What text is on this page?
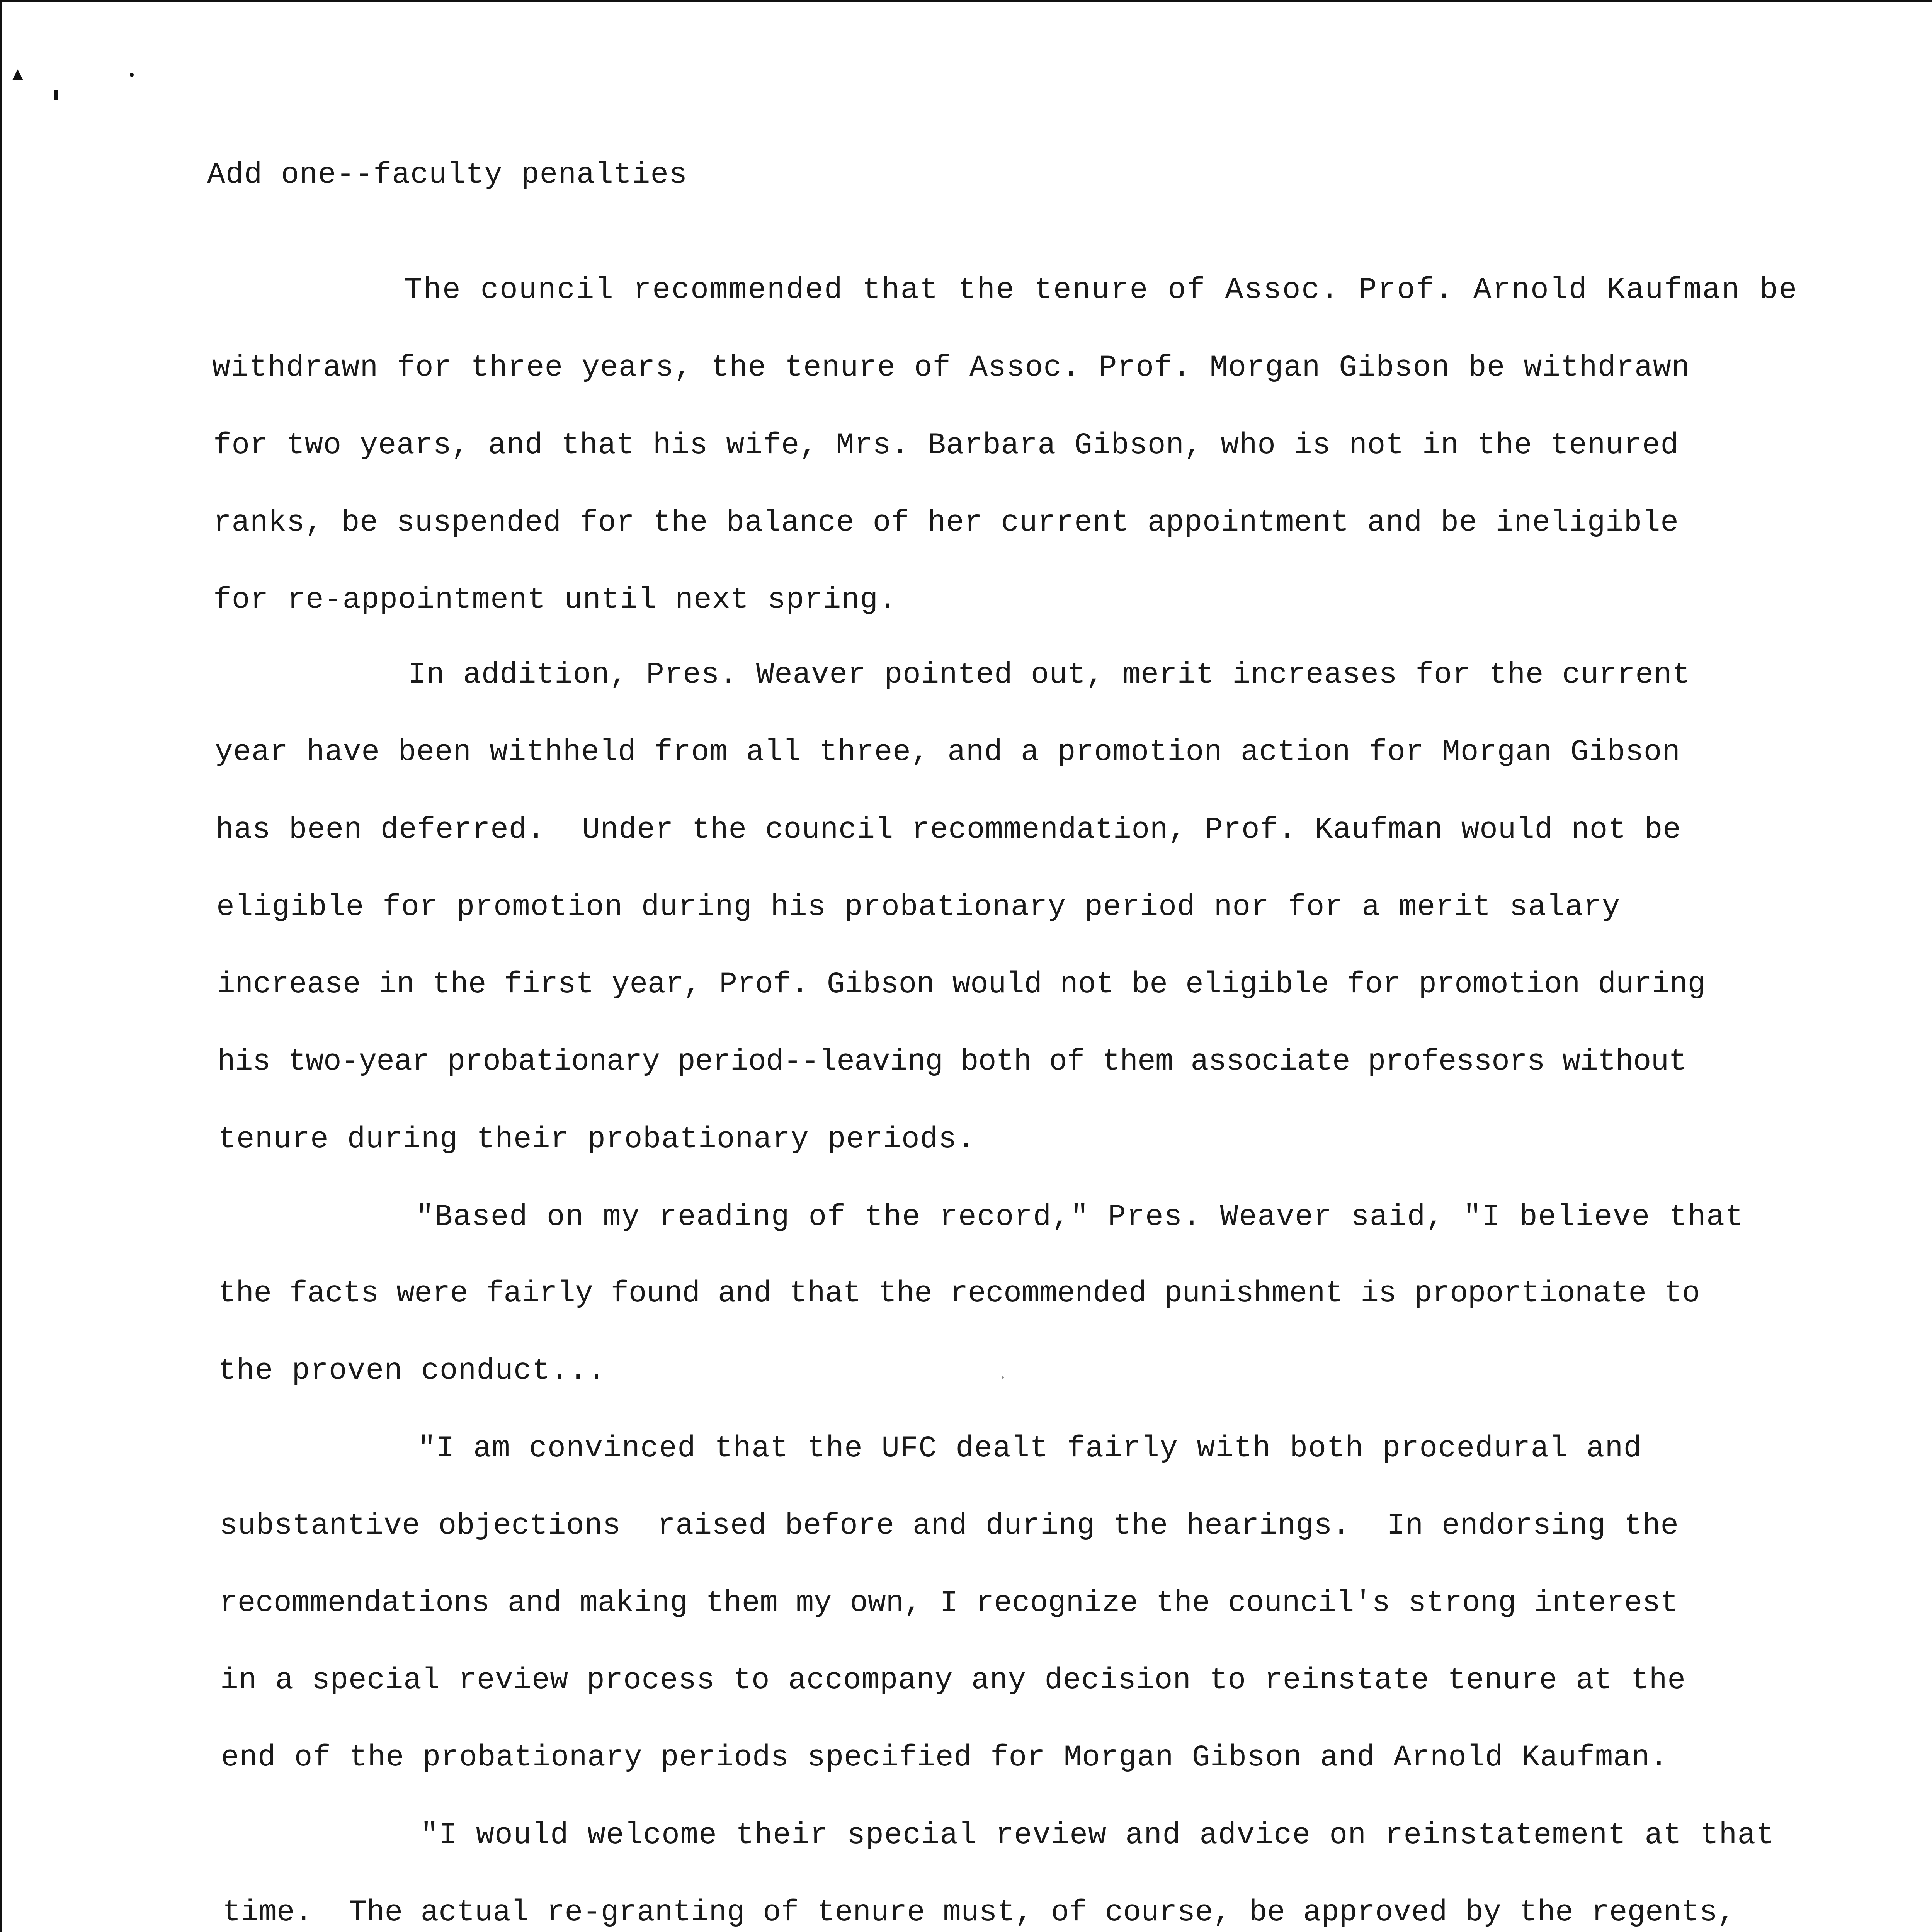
▲
Add one--faculty penalties
The council recommended that the tenure of Assoc. Prof. Arnold Kaufman be
withdrawn for three years, the tenure of Assoc. Prof. Morgan Gibson be withdrawn
for two years, and that his wife, Mrs. Barbara Gibson, who is not in the tenured
ranks, be suspended for the balance of her current appointment and be ineligible
for re-appointment until next spring.
In addition, Pres. Weaver pointed out, merit increases for the current
year have been withheld from all three, and a promotion action for Morgan Gibson
has been deferred.  Under the council recommendation, Prof. Kaufman would not be
eligible for promotion during his probationary period nor for a merit salary
increase in the first year, Prof. Gibson would not be eligible for promotion during
his two-year probationary period--leaving both of them associate professors without
tenure during their probationary periods.
"Based on my reading of the record," Pres. Weaver said, "I believe that
the facts were fairly found and that the recommended punishment is proportionate to
the proven conduct...
"I am convinced that the UFC dealt fairly with both procedural and
substantive objections  raised before and during the hearings.  In endorsing the
recommendations and making them my own, I recognize the council's strong interest
in a special review process to accompany any decision to reinstate tenure at the
end of the probationary periods specified for Morgan Gibson and Arnold Kaufman.
"I would welcome their special review and advice on reinstatement at that
time.  The actual re-granting of tenure must, of course, be approved by the regents,
